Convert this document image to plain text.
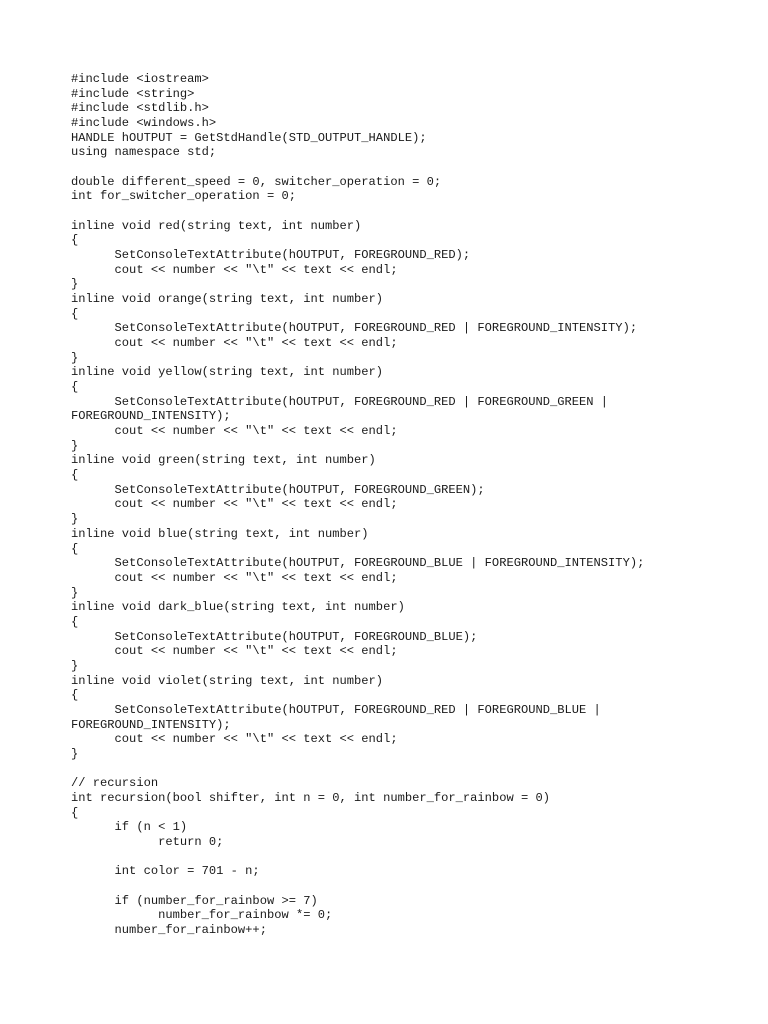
#include <iostream>
#include <string>
#include <stdlib.h>
#include <windows.h>
HANDLE hOUTPUT = GetStdHandle(STD_OUTPUT_HANDLE);
using namespace std;
double different_speed = 0, switcher_operation = 0;
int for_switcher_operation = 0;
inline void red(string text, int number)
{
SetConsoleTextAttribute(hOUTPUT, FOREGROUND_RED);
cout << number << "\t" << text << endl;
}
inline void orange(string text, int number)
{
SetConsoleTextAttribute(hOUTPUT, FOREGROUND_RED | FOREGROUND_INTENSITY);
cout << number << "\t" << text << endl;
}
inline void yellow(string text, int number)
{
SetConsoleTextAttribute(hOUTPUT, FOREGROUND_RED | FOREGROUND_GREEN |
FOREGROUND_INTENSITY);
cout << number << "\t" << text << endl;
}
inline void green(string text, int number)
{
SetConsoleTextAttribute(hOUTPUT, FOREGROUND_GREEN);
cout << number << "\t" << text << endl;
}
inline void blue(string text, int number)
{
SetConsoleTextAttribute(hOUTPUT, FOREGROUND_BLUE | FOREGROUND_INTENSITY);
cout << number << "\t" << text << endl;
}
inline void dark_blue(string text, int number)
{
SetConsoleTextAttribute(hOUTPUT, FOREGROUND_BLUE);
cout << number << "\t" << text << endl;
}
inline void violet(string text, int number)
{
SetConsoleTextAttribute(hOUTPUT, FOREGROUND_RED | FOREGROUND_BLUE |
FOREGROUND_INTENSITY);
cout << number << "\t" << text << endl;
}
// recursion
int recursion(bool shifter, int n = 0, int number_for_rainbow = 0)
{
if (n < 1)
return 0;
int color = 701 - n;
if (number_for_rainbow >= 7)
number_for_rainbow *= 0;
number_for_rainbow++;
